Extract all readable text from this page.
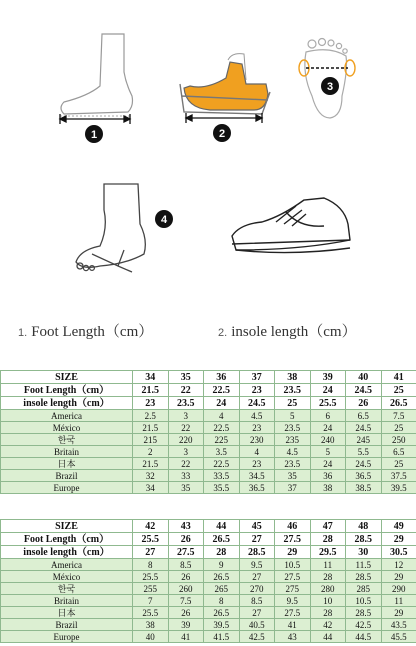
1	2
3
4
1. Foot Length（cm）	2. insole length（cm）
SIZE	34	35	36	37	38	39	40	41
Foot Length（cm）	21.5	22	22.5	23	23.5	24	24.5	25
insole length（cm）	23	23.5	24	24.5	25	25.5	26	26.5
America	2.5	3	4	4.5	5	6	6.5	7.5
México	21.5	22	22.5	23	23.5	24	24.5	25
한국	215	220	225	230	235	240	245	250
Britain	2	3	3.5	4	4.5	5	5.5	6.5
日本	21.5	22	22.5	23	23.5	24	24.5	25
Brazil	32	33	33.5	34.5	35	36	36.5	37.5
Europe	34	35	35.5	36.5	37	38	38.5	39.5
SIZE	42	43	44	45	46	47	48	49
Foot Length（cm）	25.5	26	26.5	27	27.5	28	28.5	29
insole length（cm）	27	27.5	28	28.5	29	29.5	30	30.5
America	8	8.5	9	9.5	10.5	11	11.5	12
México	25.5	26	26.5	27	27.5	28	28.5	29
한국	255	260	265	270	275	280	285	290
Britain	7	7.5	8	8.5	9.5	10	10.5	11
日本	25.5	26	26.5	27	27.5	28	28.5	29
Brazil	38	39	39.5	40.5	41	42	42.5	43.5
Europe	40	41	41.5	42.5	43	44	44.5	45.5
